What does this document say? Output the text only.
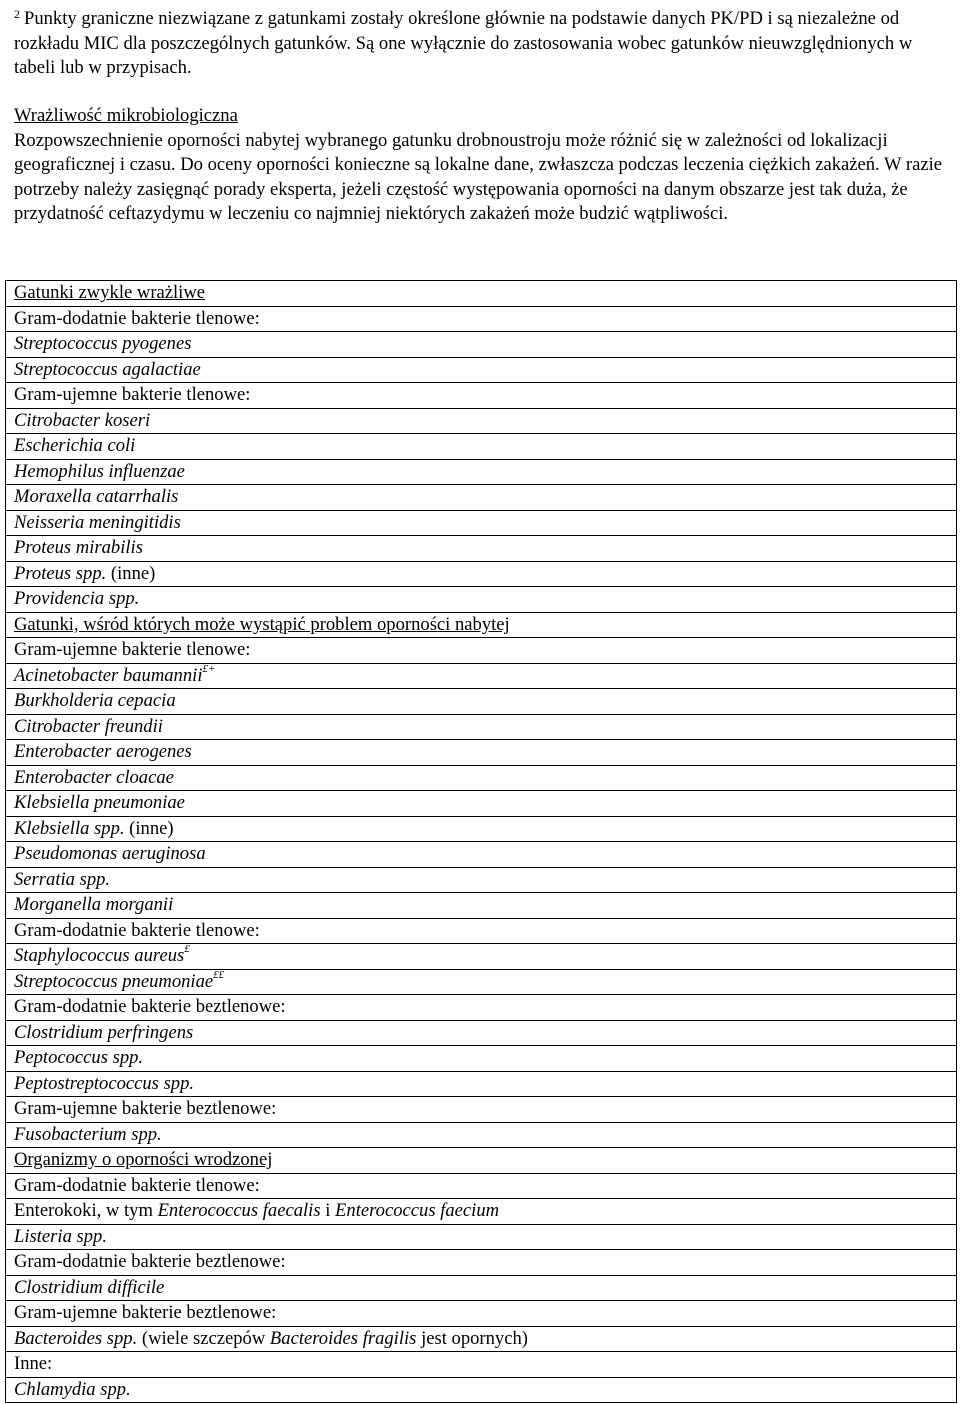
$^2$ Punkty graniczne niezwiązane z gatunkami zostały określone głównie na podstawie danych PK/PD i są niezależne od rozkładu MIC dla poszczególnych gatunków. Są one wyłącznie do zastosowania wobec gatunków nieuwzględnionych w tabeli lub w przypisach.
Wrażliwość mikrobiologiczna
Rozpowszechnienie oporności nabytej wybranego gatunku drobnoustroju może różnić się w zależności od lokalizacji geograficznej i czasu. Do oceny oporności konieczne są lokalne dane, zwłaszcza podczas leczenia ciężkich zakażeń. W razie potrzeby należy zasięgnąć porady eksperta, jeżeli częstość występowania oporności na danym obszarze jest tak duża, że przydatność ceftazydymu w leczeniu co najmniej niektórych zakażeń może budzić wątpliwości.
Gatunki zwykle wrażliwe
Gram-dodatnie bakterie tlenowe:
Streptococcus pyogenes
Streptococcus agalactiae
Gram-ujemne bakterie tlenowe:
Citrobacter koseri
Escherichia coli
Hemophilus influenzae
Moraxella catarrhalis
Neisseria meningitidis
Proteus mirabilis
Proteus spp. (inne)
Providencia spp.
Gatunki, wśród których może wystąpić problem oporności nabytej
Gram-ujemne bakterie tlenowe:
Acinetobacter baumannii£+
Burkholderia cepacia
Citrobacter freundii
Enterobacter aerogenes
Enterobacter cloacae
Klebsiella pneumoniae
Klebsiella spp. (inne)
Pseudomonas aeruginosa
Serratia spp.
Morganella morganii
Gram-dodatnie bakterie tlenowe:
Staphylococcus aureus£
Streptococcus pneumoniae££
Gram-dodatnie bakterie beztlenowe:
Clostridium perfringens
Peptococcus spp.
Peptostreptococcus spp.
Gram-ujemne bakterie beztlenowe:
Fusobacterium spp.
Organizmy o oporności wrodzonej
Gram-dodatnie bakterie tlenowe:
Enterokoki, w tym Enterococcus faecalis i Enterococcus faecium
Listeria spp.
Gram-dodatnie bakterie beztlenowe:
Clostridium difficile
Gram-ujemne bakterie beztlenowe:
Bacteroides spp. (wiele szczepów Bacteroides fragilis jest opornych)
Inne:
Chlamydia spp.
